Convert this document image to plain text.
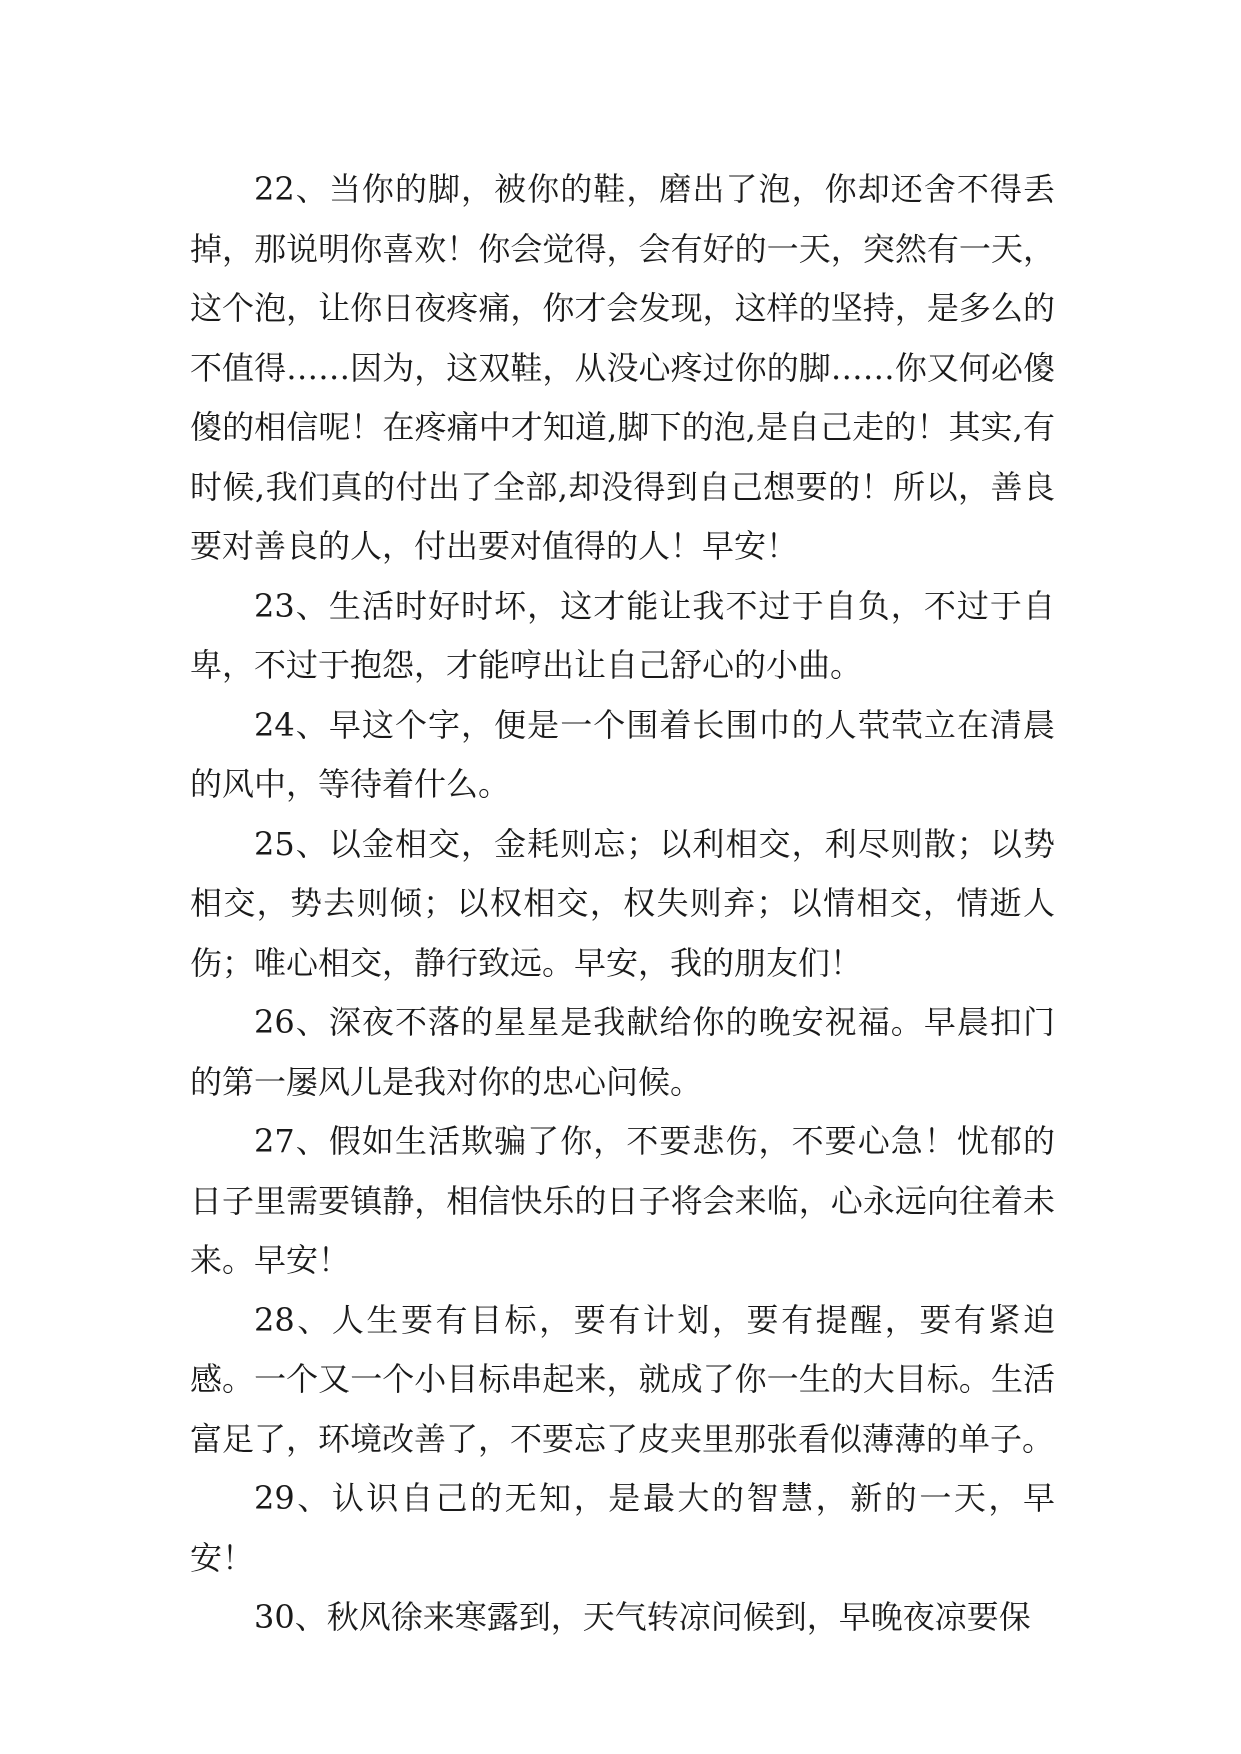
22、当你的脚，被你的鞋，磨出了泡，你却还舍不得丢掉，那说明你喜欢！你会觉得，会有好的一天，突然有一天，这个泡，让你日夜疼痛，你才会发现，这样的坚持，是多么的不值得……因为，这双鞋，从没心疼过你的脚……你又何必傻傻的相信呢！在疼痛中才知道,脚下的泡,是自己走的！其实,有时候,我们真的付出了全部,却没得到自己想要的！所以，善良要对善良的人，付出要对值得的人！早安！

23、生活时好时坏，这才能让我不过于自负，不过于自卑，不过于抱怨，才能哼出让自己舒心的小曲。

24、早这个字，便是一个围着长围巾的人茕茕立在清晨的风中，等待着什么。

25、以金相交，金耗则忘；以利相交，利尽则散；以势相交，势去则倾；以权相交，权失则弃；以情相交，情逝人伤；唯心相交，静行致远。早安，我的朋友们！

26、深夜不落的星星是我献给你的晚安祝福。早晨扣门的第一屡风儿是我对你的忠心问候。

27、假如生活欺骗了你，不要悲伤，不要心急！忧郁的日子里需要镇静，相信快乐的日子将会来临，心永远向往着未来。早安！

28、人生要有目标，要有计划，要有提醒，要有紧迫感。一个又一个小目标串起来，就成了你一生的大目标。生活富足了，环境改善了，不要忘了皮夹里那张看似薄薄的单子。

29、认识自己的无知，是最大的智慧，新的一天，早安！

30、秋风徐来寒露到，天气转凉问候到，早晚夜凉要保
